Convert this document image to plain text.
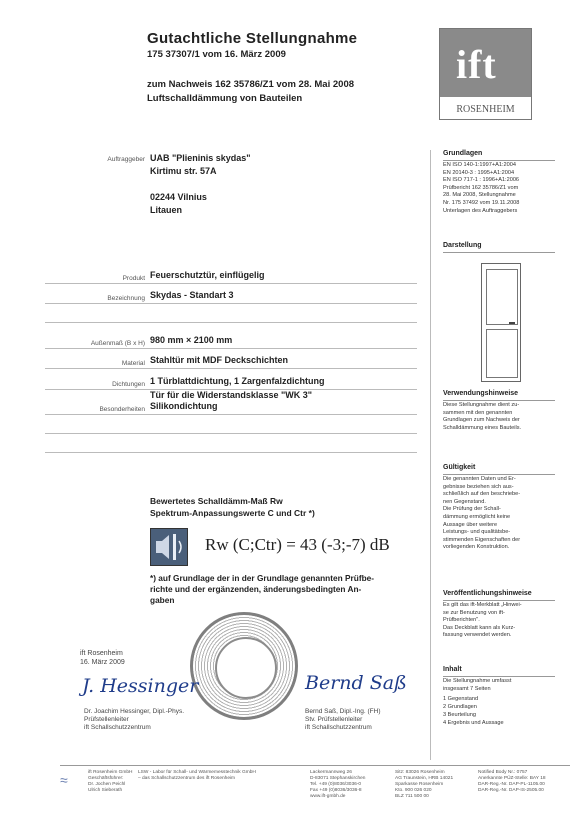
Gutachtliche Stellungnahme
175 37307/1 vom 16. März 2009
zum Nachweis 162 35786/Z1 vom 28. Mai 2008
Luftschalldämmung von Bauteilen
ift
ROSENHEIM
Auftraggeber UAB "Plieninis skydas"
Kirtimu str. 57A
02244 Vilnius
Litauen
Produkt Feuerschutztür, einflügelig
Bezeichnung Skydas - Standart 3
Außenmaß (B x H) 980 mm × 2100 mm
Material Stahltür mit MDF Deckschichten
Dichtungen 1 Türblattdichtung, 1 Zargenfalzdichtung
Besonderheiten
Tür für die Widerstandsklasse "WK 3"
Silikondichtung
Grundlagen
EN ISO 140-1:1997+A1:2004
EN 20140-3 : 1995+A1:2004
EN ISO 717-1 : 1996+A1:2006
Prüfbericht 162 35786/Z1 vom
28. Mai 2008, Stellungnahme
Nr. 175 37492 vom 19.11.2008
Unterlagen des Auftraggebers
Darstellung
Verwendungshinweise
Diese Stellungnahme dient zu-
sammen mit den genannten
Grundlagen zum Nachweis der
Schalldämmung eines Bauteils.
Gültigkeit
Die genannten Daten und Er-
gebnisse beziehen sich aus-
schließlich auf den beschriebe-
nen Gegenstand.
Die Prüfung der Schall-
dämmung ermöglicht keine
Aussage über weitere
Leistungs- und qualitätsbe-
stimmenden Eigenschaften der
vorliegenden Konstruktion.
Veröffentlichungshinweise
Es gilt das ift-Merkblatt „Hinwei-
se zur Benutzung von ift-
Prüfberichten".
Das Deckblatt kann als Kurz-
fassung verwendet werden.
Inhalt
Die Stellungnahme umfasst
insgesamt 7 Seiten
1 Gegenstand
2 Grundlagen
3 Beurteilung
4 Ergebnis und Aussage
Bewertetes Schalldämm-Maß Rw
Spektrum-Anpassungswerte C und Ctr *)
Rw (C;Ctr) = 43 (-3;-7) dB
*) auf Grundlage der in der Grundlage genannten Prüfbe-
richte und der ergänzenden, änderungsbedingten An-
gaben
ift Rosenheim
16. März 2009
J. Hessinger
Dr. Joachim Hessinger, Dipl.-Phys.
Prüfstellenleiter
ift Schallschutzzentrum
Bernd Saß
Bernd Saß, Dipl.-Ing. (FH)
Stv. Prüfstellenleiter
ift Schallschutzzentrum
≈	ift Rosenheim GmbH
Geschäftsführer:
Dr. Jochen Peichl
Ulrich Sieberath
LSW - Labor für Schall- und Wärmemesstechnik GmbH
– das Schallschutzzentrum des ift Rosenheim
Lackermannweg 26
D-83071 Stephanskirchen
Tel. +49 (0)8036/3036-0
Fax +49 (0)8036/3036-8
www.ift-gmbh.de
Sitz: 83026 Rosenheim
AG Traunstein, HRB 14021
Sparkasse Rosenheim
Kto. 900 026 020
BLZ 711 500 00
Notified Body Nr.: 0757
Anerkannte PÜZ-Stelle: BAY 18
DAR-Reg.-Nr. DAP-PL-1105.00
DAR-Reg.-Nr. DAP-IS-2505.00
